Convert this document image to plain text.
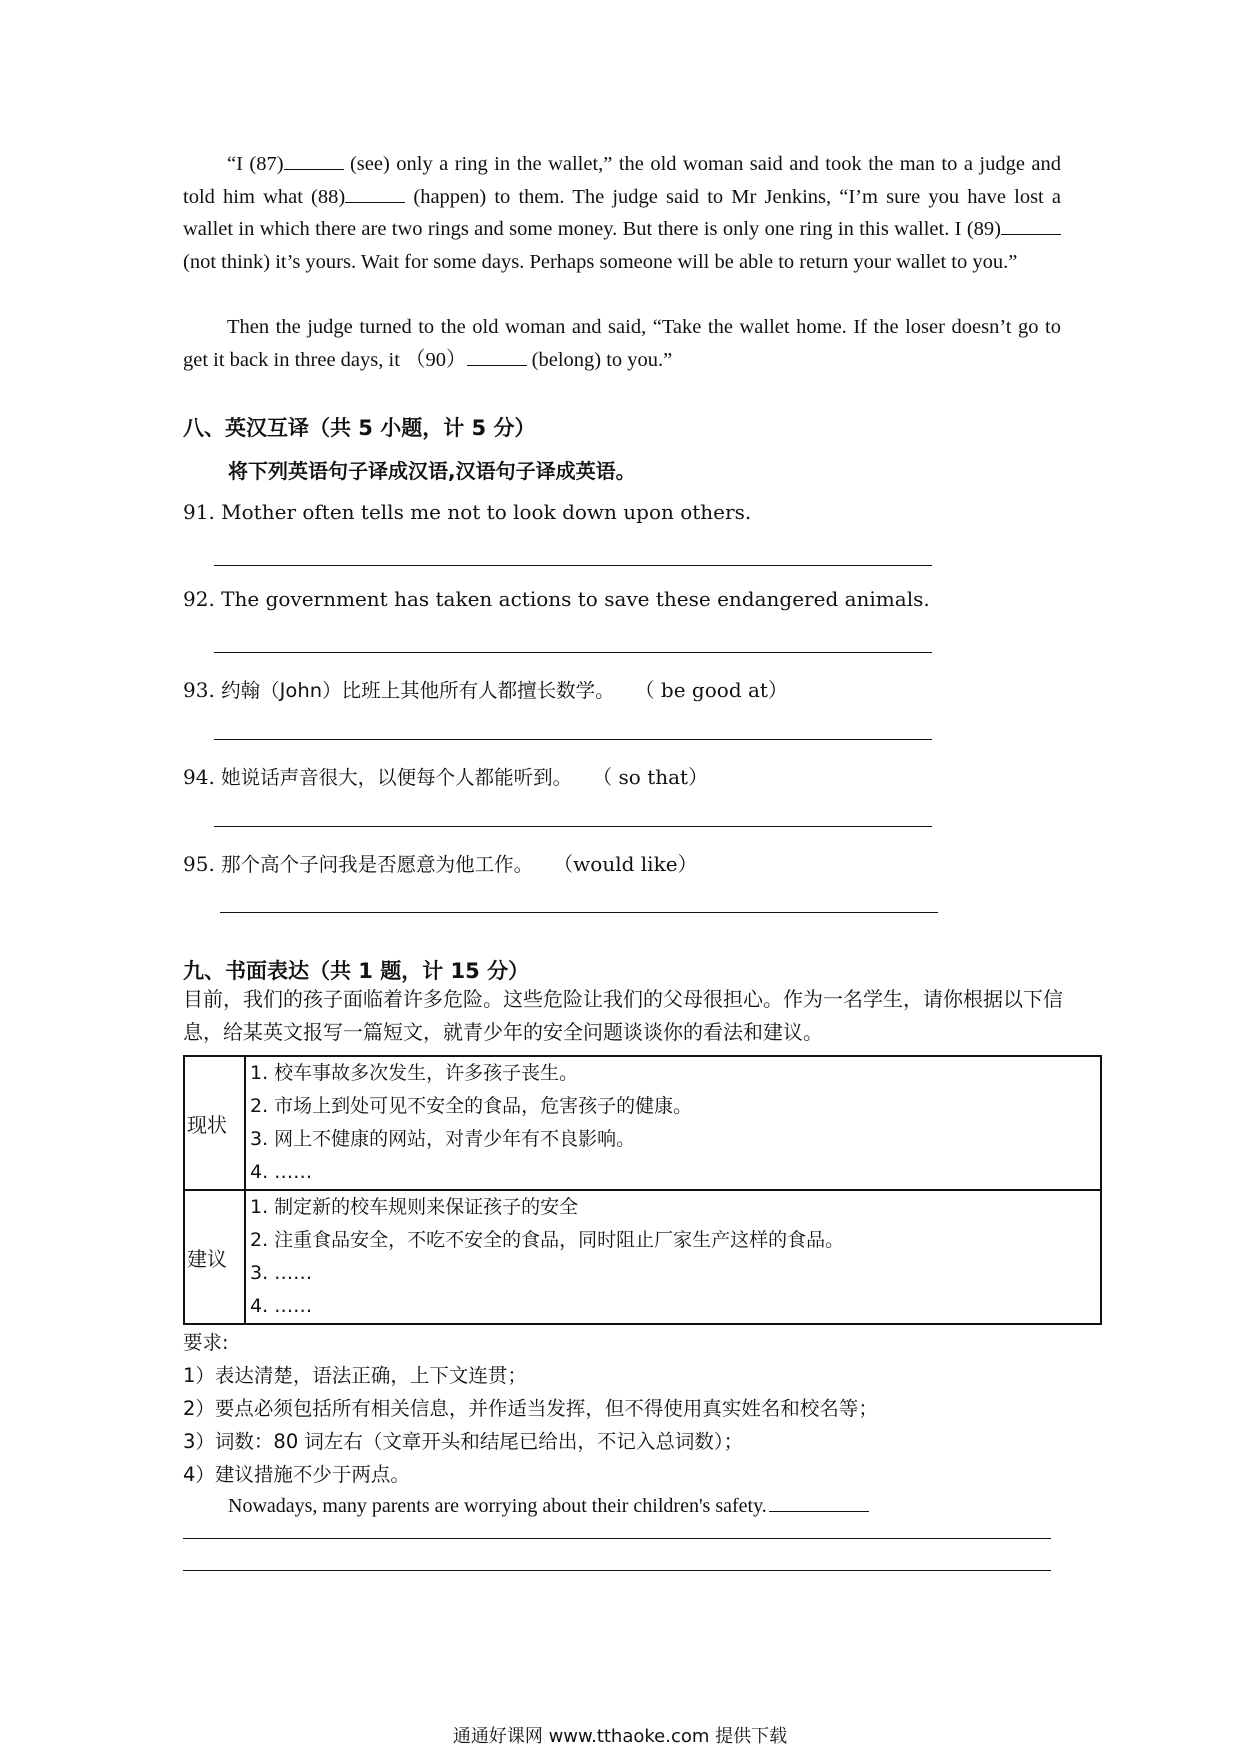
“I (87)	(see) only a ring in the wallet,” the old woman said and took the man to a judge and told him what (88)	(happen) to them. The judge said to Mr Jenkins, “I’m sure you have lost a wallet in which there are two rings and some money. But there is only one ring in this wallet. I (89) (not think) it’s yours. Wait for some days. Perhaps someone will be able to return your wallet to you.”
Then the judge turned to the old woman and said, “Take the wallet home. If the loser doesn’t go to get it back in three days, it （90）	(belong) to you.”
八、英汉互译（共 5 小题，计 5 分）
将下列英语句子译成汉语,汉语句子译成英语。
91. Mother often tells me not to look down upon others.
92. The government has taken actions to save these endangered animals.
93. 约翰（John）比班上其他所有人都擅长数学。 （ be good at）
94. 她说话声音很大，以便每个人都能听到。 （ so that）
95. 那个高个子问我是否愿意为他工作。 （would like）
九、书面表达（共 1 题，计 15 分）
目前，我们的孩子面临着许多危险。这些危险让我们的父母很担心。作为一名学生，请你根据以下信息，给某英文报写一篇短文，就青少年的安全问题谈谈你的看法和建议。
现状	1. 校车事故多次发生，许多孩子丧生。
2. 市场上到处可见不安全的食品，危害孩子的健康。
3. 网上不健康的网站，对青少年有不良影响。
4. ……

建议	1. 制定新的校车规则来保证孩子的安全
2. 注重食品安全，不吃不安全的食品，同时阻止厂家生产这样的食品。
3. ……
4. ……
要求:
1）表达清楚，语法正确，上下文连贯；
2）要点必须包括所有相关信息，并作适当发挥，但不得使用真实姓名和校名等；
3）词数：80 词左右（文章开头和结尾已给出，不记入总词数）；
4）建议措施不少于两点。
Nowadays, many parents are worrying about their children's safety.
通通好课网 www.tthaoke.com 提供下载
